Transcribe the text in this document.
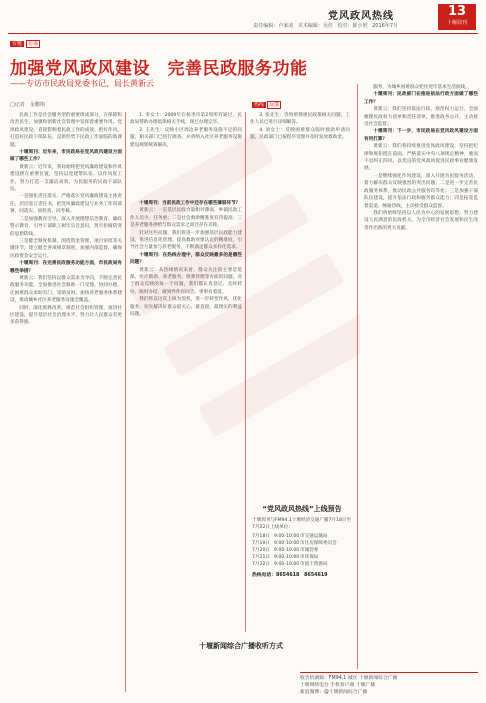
党风政风热线
责任编辑：卢家凌 美术编辑：吴佳 校对：陈小艳 2016年7月
13
十堰周刊
专题 访谈
加强党风政风建设　完善民政服务功能
——专访市民政局党委书记、局长黄新云
□记者　金鹏翔

民政工作是社会服务型的重要组成部分，在保障和改善民生、加强和创新社会管理中发挥着重要作用。党风政风建设，直接影响着民政工作的成效。把好作风，打造好民政干部队伍，是新形势下民政工作面临的新课题。

十堰周刊：近年来，市民政局在党风政风建设方面做了哪些工作？

黄新云：近年来，我局始终把党风廉政建设和作风建设摆在重要位置，坚持以党建带队伍、以作风促工作，努力打造一支廉洁高效、为民服务的民政干部队伍。

一是强化责任落实。严格落实党风廉政建设主体责任，层层签订责任书，把党风廉政建设与业务工作同部署、同落实、同检查、同考核。

二是加强教育引导。深入开展理想信念教育、廉政警示教育，引导干部职工树牢宗旨意识，筑牢拒腐防变的思想防线。

三是健全制度机制。围绕资金管理、项目审批等关键环节，建立健全各项规章制度，加强内部监督，确保民政资金安全运行。

十堰周刊：在完善民政服务功能方面，市民政局有哪些举措？

黄新云：我们坚持以群众需求为导向，不断完善民政服务功能。全面推进社会救助一门受理、协同办理，让困难群众求助有门、受助及时。加快养老服务体系建设，推动城乡社区养老服务设施全覆盖。

同时，深化殡葬改革，规范社会组织管理，推进社区建设，提升基层社会治理水平，努力让人民群众有更多获得感。

热线 反馈

1. 李女士：2009年在杨李市第2周所有通过，民政局帮助办理低保相关手续，现已办理完毕。

2. 王先生：反映小区周边养老服务设施不足的问题，相关部门已进行调查，并将纳入社区养老服务设施建设规划统筹解决。

3. 张先生：咨询殡葬惠民政策相关问题，工作人员已进行详细解答。

4. 刘女士：反映困难群众临时救助申请问题，民政部门已按程序受理并及时发放救助金。

十堰周刊：当前民政工作中还存在哪些薄弱环节？

黄新云：一是基层民政力量相对薄弱，乡镇民政工作人员少、任务重；二是社会救助精准度有待提高；三是养老服务供给与群众需求之间还存在差距。

针对这些问题，我们将进一步加强基层民政能力建设，推进信息化管理，提高救助对象认定的精准度，引导社会力量参与养老服务，不断满足群众多样化需求。

十堰周刊：在热线办理中，群众反映最多的是哪些问题？

黄新云：从热线情况来看，群众关注的主要是低保、医疗救助、养老服务、殡葬管理等方面的问题。对于群众反映的每一个问题，我们都认真登记、及时转办、限时办结，做到件件有回音、事事有着落。

我们将以这次上线为契机，进一步转变作风、优化服务，切实解决好群众最关心、最直接、最现实的利益问题。

“党风政风热线”上线预告
十堰周刊与FM94.1十堰经济交通广播7月18日至7月22日上线单位：
7月18日 9:00-10:00 市交通运输局
7月19日 9:00-10:00 市住房保障委员会
7月20日 9:00-10:00 市城管委
7月21日 9:00-10:00 市环保局
7月22日 9:00-10:00 市国土资源局
热线电话：8654618　8654619

服务，为城乡困难群众兜住兜牢基本生活底线。

十堰周刊：民政部门在推进依法行政方面做了哪些工作？

黄新云：我们坚持依法行政，规范权力运行，全面梳理民政权力清单和责任清单，推进政务公开，主动接受社会监督。

十堰周刊：下一步，市民政局在党风政风建设方面有何打算？

黄新云：我们将持续推进党风政风建设，坚持把纪律和规矩挺在前面，严格落实中央八项规定精神，驰而不息纠正四风，以优良的党风政风促进民政事业健康发展。

一是继续强化作风建设，深入开展为民服务活动，着力解决群众反映强烈的突出问题；二是进一步完善民政服务体系，推动民政公共服务均等化；三是加强干部队伍建设，提升依法行政和服务群众能力；四是拓宽监督渠道，畅通热线，主动接受群众监督。

我们将始终坚持以人民为中心的发展思想，努力建设人民满意的民政机关，为全市经济社会发展和民生改善作出新的更大贡献。

十堰新闻综合广播收听方式
收音机调频：FM94.1 城区 十堰新闻综合广播
十堰网络电台 手机客户端 十堰广播
新浪微博：@十堰新闻综合广播
